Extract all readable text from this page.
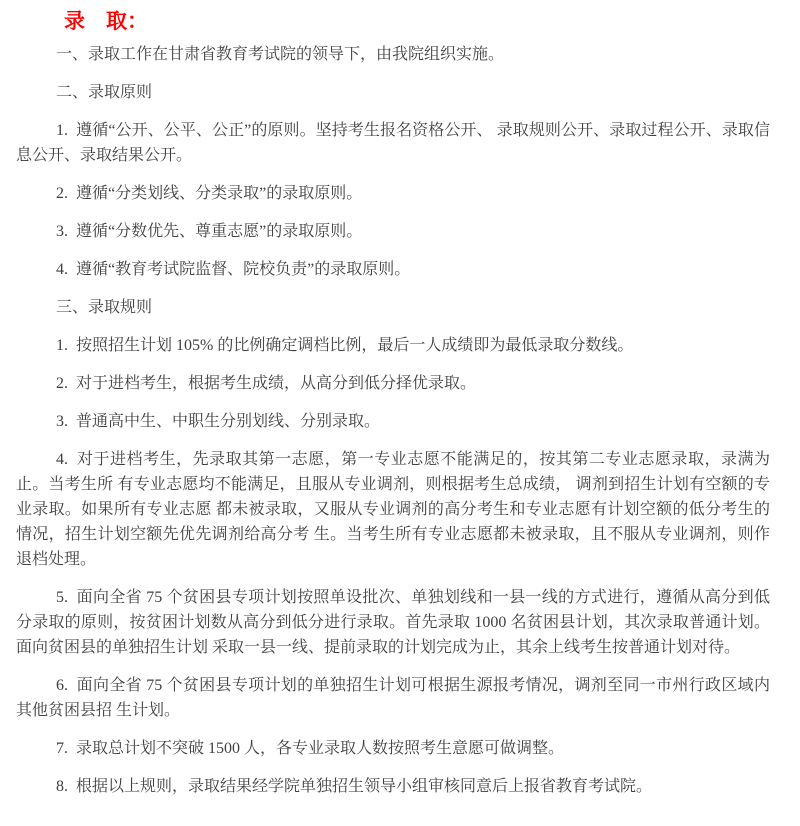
录　取：

一、录取工作在甘肃省教育考试院的领导下，由我院组织实施。

二、录取原则

1.  遵循“公开、公平、公正”的原则。坚持考生报名资格公开、 录取规则公开、录取过程公开、录取信息公开、录取结果公开。

2.  遵循“分类划线、分类录取”的录取原则。

3.  遵循“分数优先、尊重志愿”的录取原则。

4.  遵循“教育考试院监督、院校负责”的录取原则。

三、录取规则

1.  按照招生计划 105% 的比例确定调档比例，最后一人成绩即为最低录取分数线。

2.  对于进档考生，根据考生成绩，从高分到低分择优录取。

3.  普通高中生、中职生分别划线、分别录取。

4.  对于进档考生，先录取其第一志愿，第一专业志愿不能满足的，按其第二专业志愿录取，录满为止。当考生所 有专业志愿均不能满足，且服从专业调剂，则根据考生总成绩， 调剂到招生计划有空额的专业录取。如果所有专业志愿 都未被录取，又服从专业调剂的高分考生和专业志愿有计划空额的低分考生的情况，招生计划空额先优先调剂给高分考 生。当考生所有专业志愿都未被录取，且不服从专业调剂，则作退档处理。

5.  面向全省 75 个贫困县专项计划按照单设批次、单独划线和一县一线的方式进行，遵循从高分到低分录取的原则，按贫困计划数从高分到低分进行录取。首先录取 1000 名贫困县计划，其次录取普通计划。面向贫困县的单独招生计划 采取一县一线、提前录取的计划完成为止，其余上线考生按普通计划对待。

6.  面向全省 75 个贫困县专项计划的单独招生计划可根据生源报考情况，调剂至同一市州行政区域内其他贫困县招 生计划。

7.  录取总计划不突破 1500 人，各专业录取人数按照考生意愿可做调整。

8.  根据以上规则，录取结果经学院单独招生领导小组审核同意后上报省教育考试院。
